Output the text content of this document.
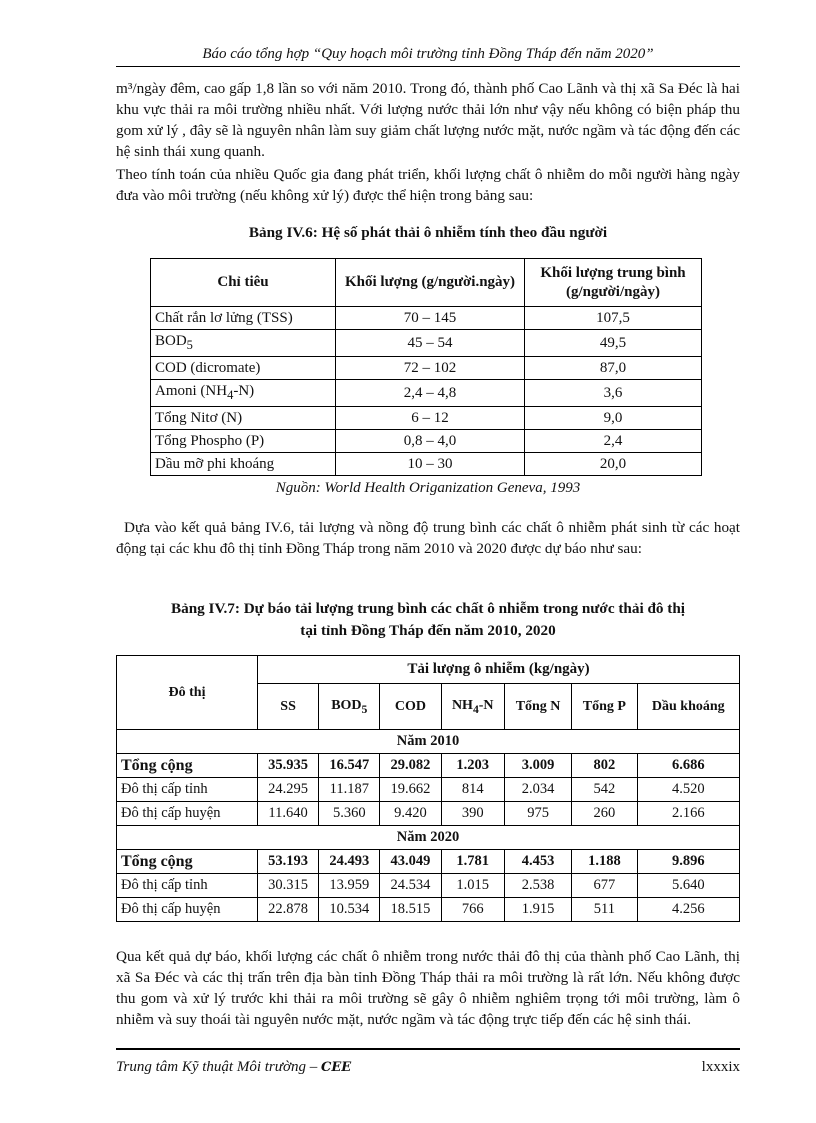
Báo cáo tổng hợp “Quy hoạch môi trường tỉnh Đồng Tháp đến năm 2020”

m³/ngày đêm, cao gấp 1,8 lần so với năm 2010. Trong đó, thành phố Cao Lãnh và thị xã Sa Đéc là hai khu vực thải ra môi trường nhiều nhất. Với lượng nước thải lớn như vậy nếu không có biện pháp thu gom xử lý , đây sẽ là nguyên nhân làm suy giảm chất lượng nước mặt, nước ngầm và tác động đến các hệ sinh thái xung quanh.

Theo tính toán của nhiều Quốc gia đang phát triển, khối lượng chất ô nhiễm do mỗi người hàng ngày đưa vào môi trường (nếu không xử lý) được thể hiện trong bảng sau:

Bảng IV.6: Hệ số phát thải ô nhiễm tính theo đầu người
Chỉ tiêu	Khối lượng (g/người.ngày)	Khối lượng trung bình (g/người/ngày)
Chất rắn lơ lửng (TSS)	70 – 145	107,5
$BOD_5$	45 – 54	49,5
COD (dicromate)	72 – 102	87,0
Amoni $(NH_4-N)$	2,4 – 4,8	3,6
Tổng Nitơ (N)	6 – 12	9,0
Tổng Phospho (P)	0,8 – 4,0	2,4
Dầu mỡ phi khoáng	10 – 30	20,0
Nguồn: World Health Origanization Geneva, 1993

Dựa vào kết quả bảng IV.6, tải lượng và nồng độ trung bình các chất ô nhiễm phát sinh từ các hoạt động tại các khu đô thị tỉnh Đồng Tháp trong năm 2010 và 2020 được dự báo như sau:

Bảng IV.7: Dự báo tải lượng trung bình các chất ô nhiễm trong nước thải đô thị
tại tỉnh Đồng Tháp đến năm 2010, 2020
Đô thị	Tải lượng ô nhiễm (kg/ngày)						
	SS	$BOD_5$	COD	$NH_4-N$	Tổng N	Tổng P	Dầu khoáng
Năm 2010							
Tổng cộng	35.935	16.547	29.082	1.203	3.009	802	6.686
Đô thị cấp tỉnh	24.295	11.187	19.662	814	2.034	542	4.520
Đô thị cấp huyện	11.640	5.360	9.420	390	975	260	2.166
Năm 2020							
Tổng cộng	53.193	24.493	43.049	1.781	4.453	1.188	9.896
Đô thị cấp tỉnh	30.315	13.959	24.534	1.015	2.538	677	5.640
Đô thị cấp huyện	22.878	10.534	18.515	766	1.915	511	4.256

Qua kết quả dự báo, khối lượng các chất ô nhiễm trong nước thải đô thị của thành phố Cao Lãnh, thị xã Sa Đéc và các thị trấn trên địa bàn tỉnh Đồng Tháp thải ra môi trường là rất lớn. Nếu không được thu gom và xử lý trước khi thải ra môi trường sẽ gây ô nhiễm nghiêm trọng tới môi trường, làm ô nhiễm và suy thoái tài nguyên nước mặt, nước ngầm và tác động trực tiếp đến các hệ sinh thái.

Trung tâm Kỹ thuật Môi trường – CEE	lxxxix
